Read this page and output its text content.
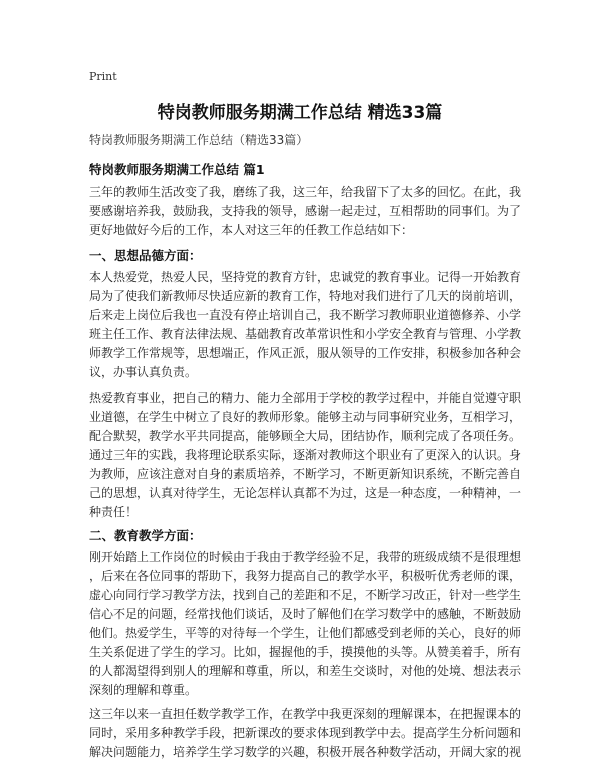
Print
特岗教师服务期满工作总结 精选33篇
特岗教师服务期满工作总结（精选33篇）
特岗教师服务期满工作总结 篇1

三年的教师生活改变了我，磨练了我，这三年，给我留下了太多的回忆。在此，我
要感谢培养我，鼓励我，支持我的领导，感谢一起走过，互相帮助的同事们。为了
更好地做好今后的工作，本人对这三年的任教工作总结如下：

一、思想品德方面：

本人热爱党，热爱人民，坚持党的教育方针，忠诚党的教育事业。记得一开始教育
局为了使我们新教师尽快适应新的教育工作，特地对我们进行了几天的岗前培训，
后来走上岗位后我也一直没有停止培训自己，我不断学习教师职业道德修养、小学
班主任工作、教育法律法规、基础教育改革常识性和小学安全教育与管理、小学教
师教学工作常规等，思想端正，作风正派，服从领导的工作安排，积极参加各种会
议，办事认真负责。

热爱教育事业，把自己的精力、能力全部用于学校的教学过程中，并能自觉遵守职
业道德，在学生中树立了良好的教师形象。能够主动与同事研究业务，互相学习，
配合默契，教学水平共同提高，能够顾全大局，团结协作，顺利完成了各项任务。
通过三年的实践，我将理论联系实际，逐渐对教师这个职业有了更深入的认识。身
为教师，应该注意对自身的素质培养，不断学习，不断更新知识系统，不断完善自
己的思想，认真对待学生，无论怎样认真都不为过，这是一种态度，一种精神，一
种责任！

二、教育教学方面：

刚开始踏上工作岗位的时候由于我由于教学经验不足，我带的班级成绩不是很理想
，后来在各位同事的帮助下，我努力提高自己的教学水平，积极听优秀老师的课，
虚心向同行学习教学方法，找到自己的差距和不足，不断学习改正，针对一些学生
信心不足的问题，经常找他们谈话，及时了解他们在学习数学中的感触，不断鼓励
他们。热爱学生，平等的对待每一个学生，让他们都感受到老师的关心，良好的师
生关系促进了学生的学习。比如，握握他的手，摸摸他的头等。从赞美着手，所有
的人都渴望得到别人的理解和尊重，所以，和差生交谈时，对他的处境、想法表示
深刻的理解和尊重。

这三年以来一直担任数学教学工作，在教学中我更深刻的理解课本，在把握课本的
同时，采用多种教学手段，把新课改的要求体现到教学中去。提高学生分析问题和
解决问题能力，培养学生学习数学的兴趣，积极开展各种数学活动，开阔大家的视
